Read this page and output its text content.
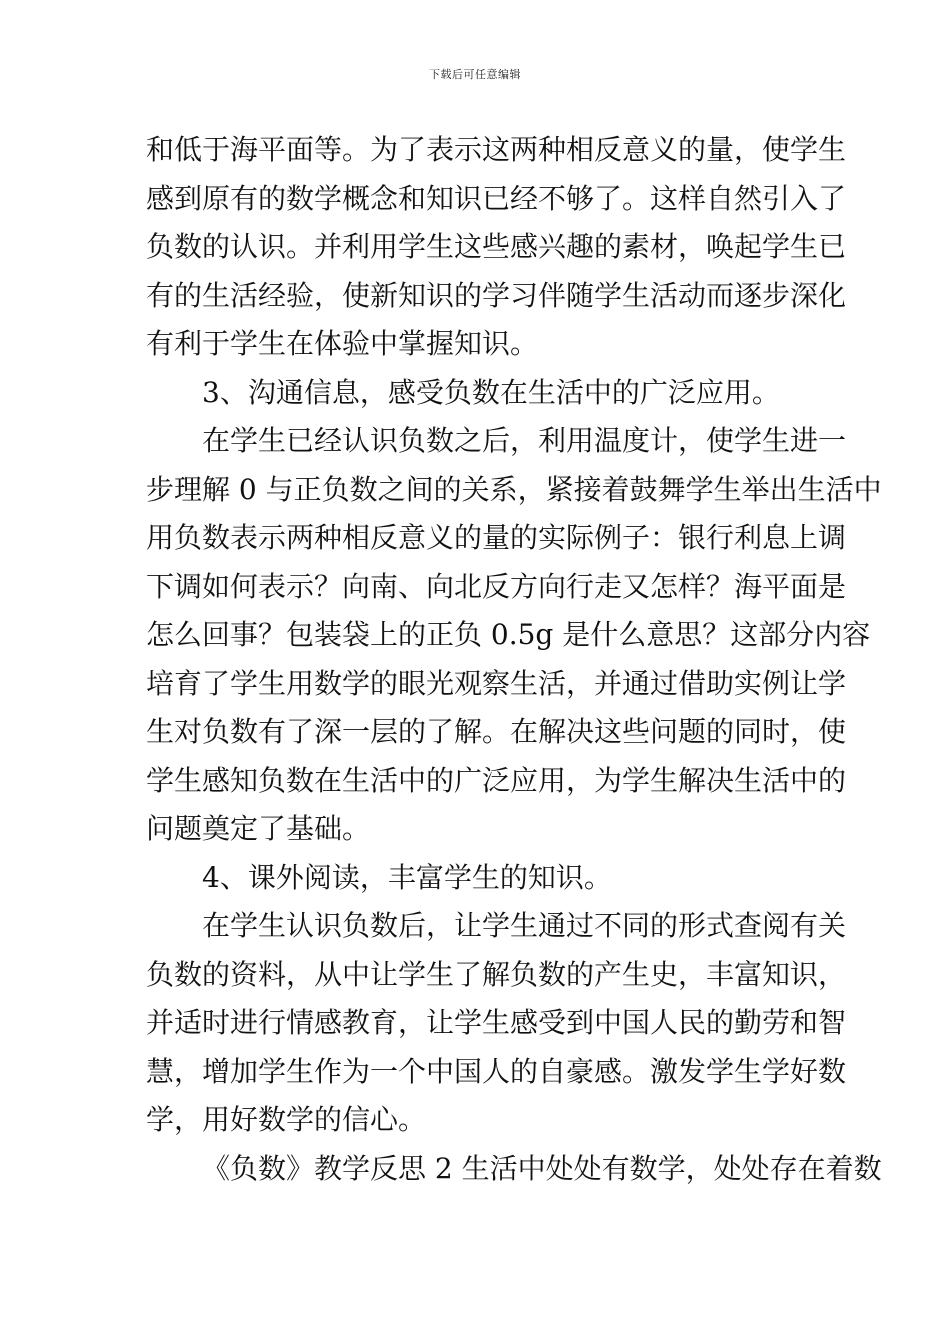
下载后可任意编辑
和低于海平面等。为了表示这两种相反意义的量，使学生
感到原有的数学概念和知识已经不够了。这样自然引入了
负数的认识。并利用学生这些感兴趣的素材，唤起学生已
有的生活经验，使新知识的学习伴随学生活动而逐步深化
有利于学生在体验中掌握知识。
3、沟通信息，感受负数在生活中的广泛应用。
在学生已经认识负数之后，利用温度计，使学生进一
步理解 0 与正负数之间的关系，紧接着鼓舞学生举出生活中
用负数表示两种相反意义的量的实际例子：银行利息上调
下调如何表示？向南、向北反方向行走又怎样？海平面是
怎么回事？包装袋上的正负 0.5g 是什么意思？这部分内容
培育了学生用数学的眼光观察生活，并通过借助实例让学
生对负数有了深一层的了解。在解决这些问题的同时，使
学生感知负数在生活中的广泛应用，为学生解决生活中的
问题奠定了基础。
4、课外阅读，丰富学生的知识。
在学生认识负数后，让学生通过不同的形式查阅有关
负数的资料，从中让学生了解负数的产生史，丰富知识，
并适时进行情感教育，让学生感受到中国人民的勤劳和智
慧，增加学生作为一个中国人的自豪感。激发学生学好数
学，用好数学的信心。
《负数》教学反思 2 生活中处处有数学，处处存在着数
